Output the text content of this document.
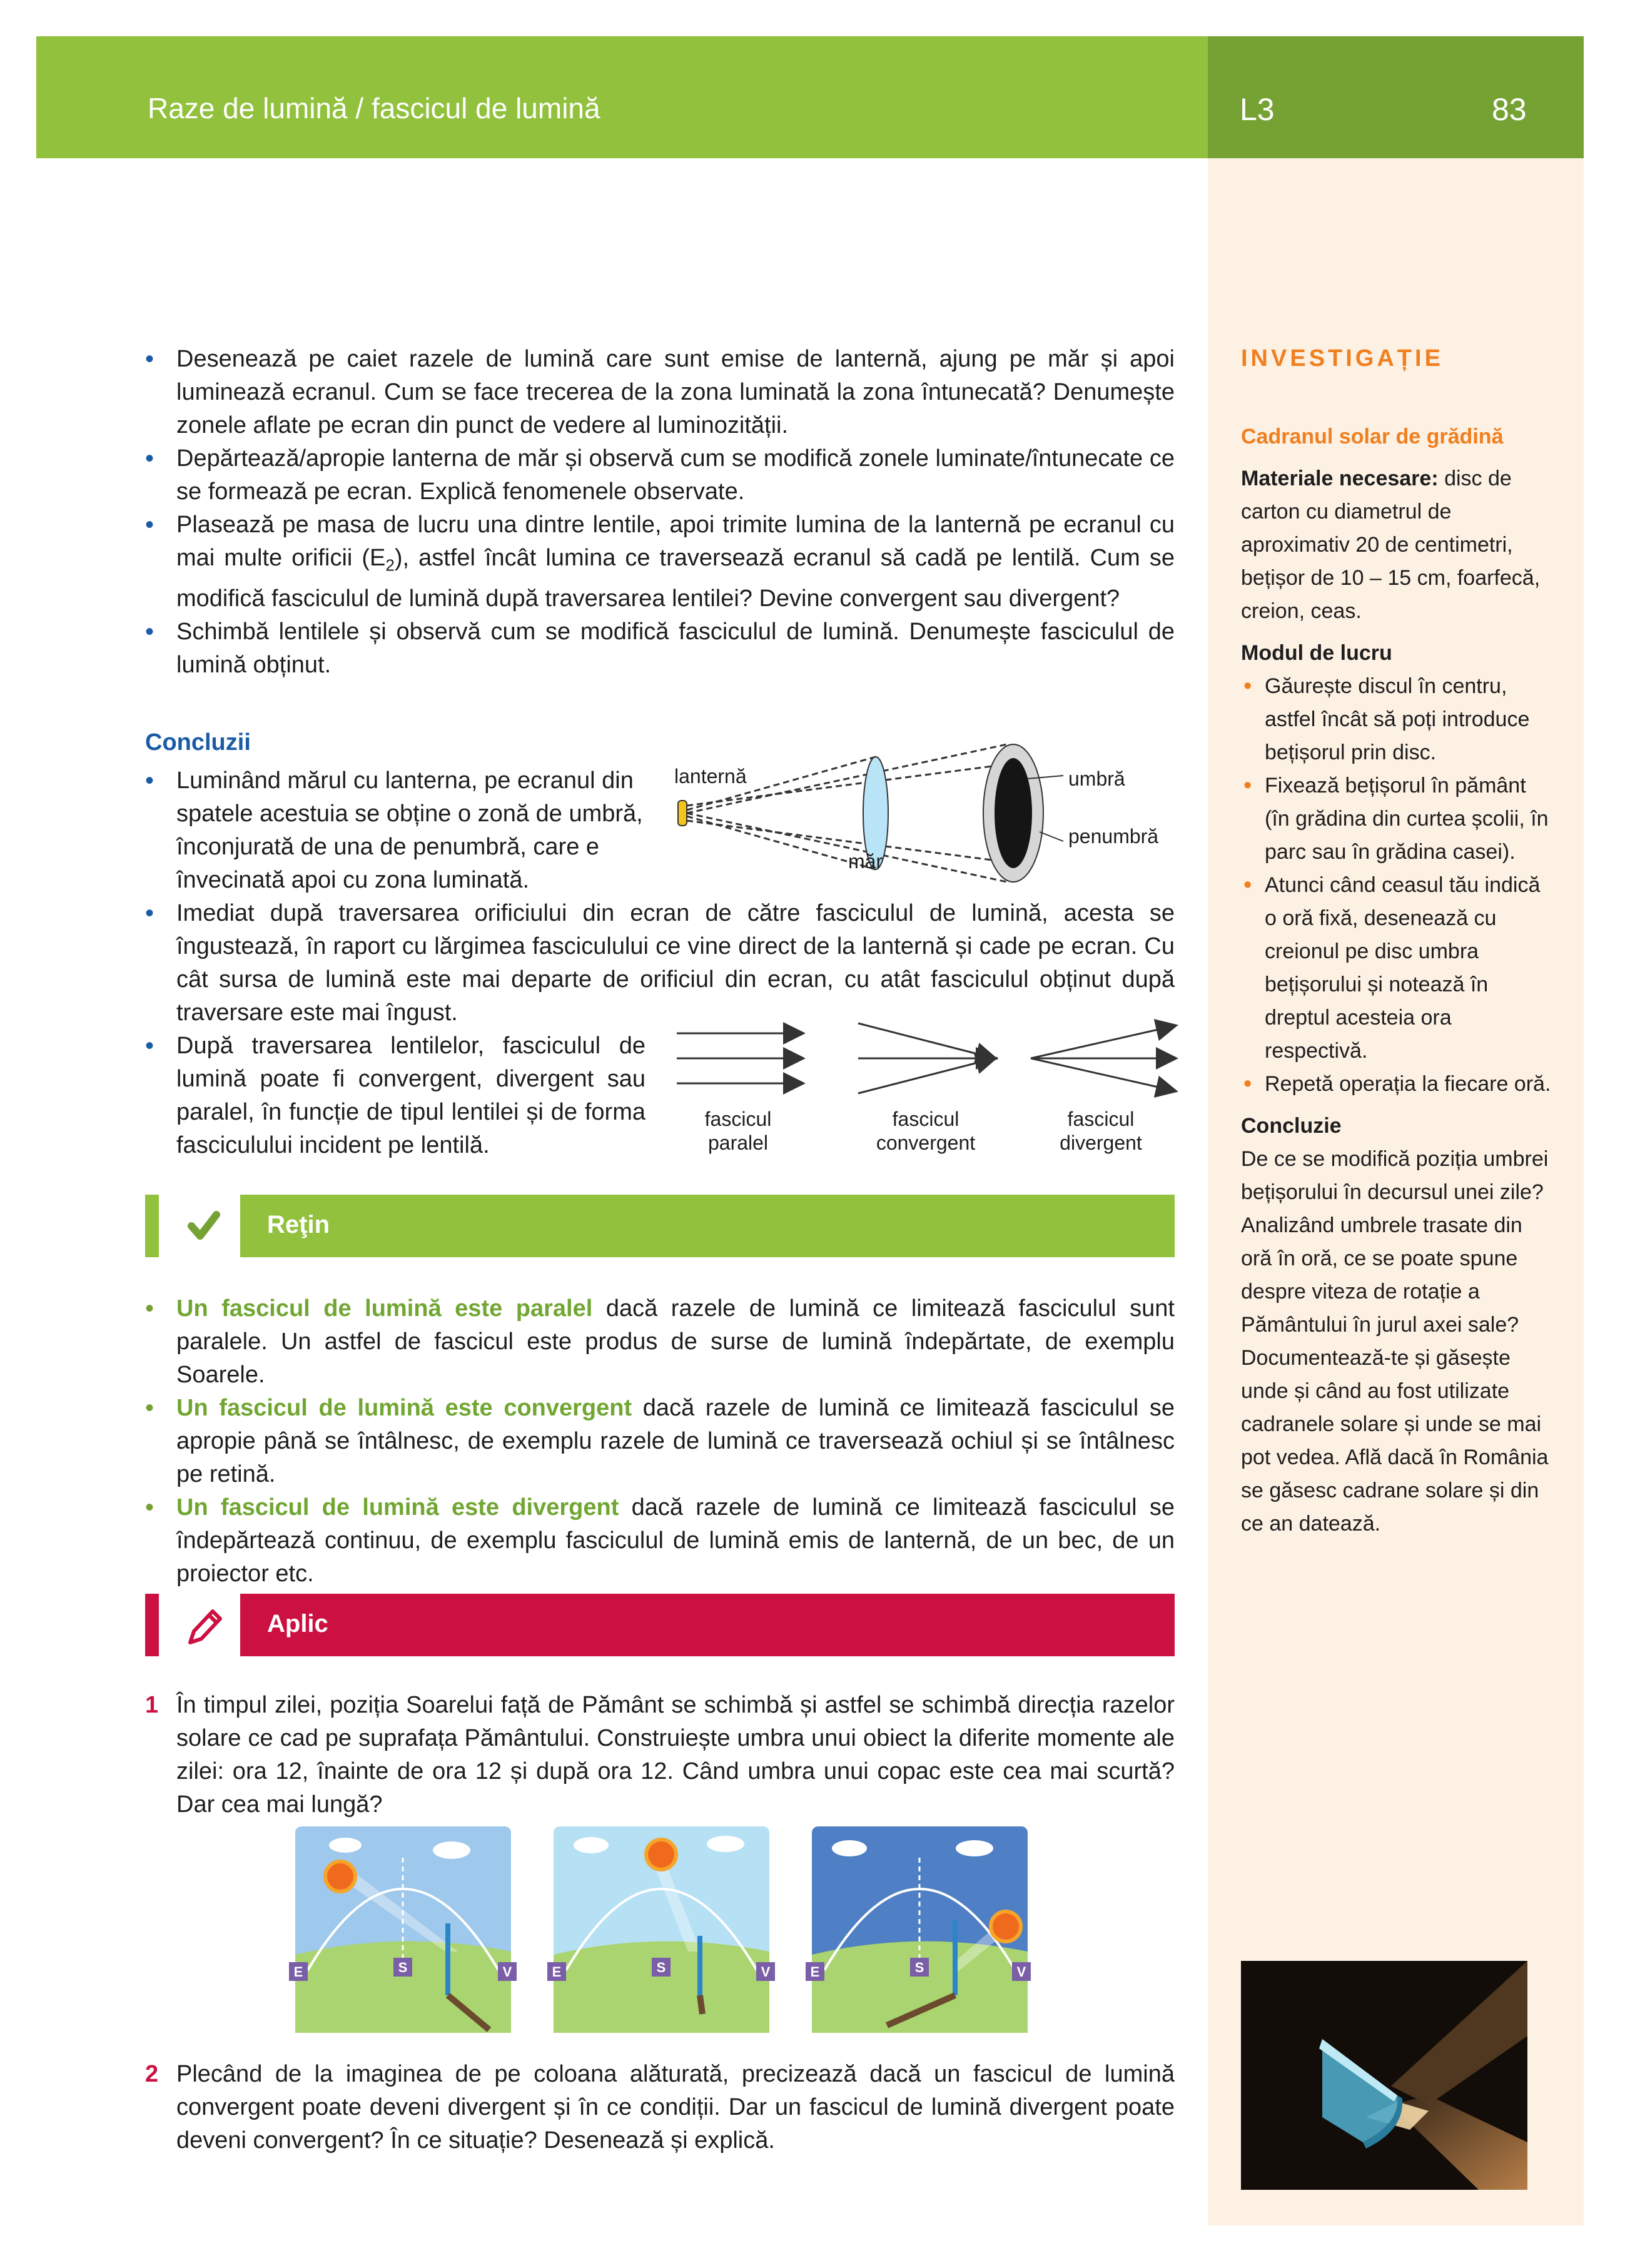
Raze de lumină / fascicul de lumină	L3	83
INVESTIGAȚIE
Cadranul solar de grădină
Materiale necesare: disc de carton cu diametrul de aproximativ 20 de centimetri, bețișor de 10 – 15 cm, foarfecă, creion, ceas.
Modul de lucru
• Găurește discul în centru, astfel încât să poți introduce bețișorul prin disc.
• Fixează bețișorul în pământ (în grădina din curtea școlii, în parc sau în grădina casei).
• Atunci când ceasul tău indică o oră fixă, desenează cu creionul pe disc umbra bețișorului și notează în dreptul acesteia ora respectivă.
• Repetă operația la fiecare oră.
Concluzie
De ce se modifică poziția umbrei bețișorului în decursul unei zile? Analizând umbrele trasate din oră în oră, ce se poate spune despre viteza de rotație a Pământului în jurul axei sale? Documentează-te și găsește unde și când au fost utilizate cadranele solare și unde se mai pot vedea. Află dacă în România se găsesc cadrane solare și din ce an datează.
• Desenează pe caiet razele de lumină care sunt emise de lanternă, ajung pe măr și apoi luminează ecranul. Cum se face trecerea de la zona luminată la zona întunecată? Denumește zonele aflate pe ecran din punct de vedere al luminozității.
• Depărtează/apropie lanterna de măr și observă cum se modifică zonele luminate/întunecate ce se formează pe ecran. Explică fenomenele observate.
• Plasează pe masa de lucru una dintre lentile, apoi trimite lumina de la lanternă pe ecranul cu mai multe orificii $(E_2)$, astfel încât lumina ce traversează ecranul să cadă pe lentilă. Cum se modifică fasciculul de lumină după traversarea lentilei? Devine convergent sau divergent?
• Schimbă lentilele și observă cum se modifică fasciculul de lumină. Denumește fasciculul de lumină obținut.
Concluzii
• Luminând mărul cu lanterna, pe ecranul din spatele acestuia se obține o zonă de umbră, înconjurată de una de penumbră, care e învecinată apoi cu zona luminată.
• Imediat după traversarea orificiului din ecran de către fasciculul de lumină, acesta se îngustează, în raport cu lărgimea fasciculului ce vine direct de la lanternă și cade pe ecran. Cu cât sursa de lumină este mai departe de orificiul din ecran, cu atât fasciculul obținut după traversare este mai îngust.
• După traversarea lentilelor, fasciculul de lumină poate fi convergent, divergent sau paralel, în funcție de tipul lentilei și de forma fasciculului incident pe lentilă.
lanternă
măr
umbră
penumbră
fascicul
paralel
fascicul
convergent
fascicul
divergent
Reţin
• Un fascicul de lumină este paralel dacă razele de lumină ce limitează fasciculul sunt paralele. Un astfel de fascicul este produs de surse de lumină îndepărtate, de exemplu Soarele.
• Un fascicul de lumină este convergent dacă razele de lumină ce limitează fasciculul se apropie până se întâlnesc, de exemplu razele de lumină ce traversează ochiul și se întâlnesc pe retină.
• Un fascicul de lumină este divergent dacă razele de lumină ce limitează fasciculul se îndepărtează continuu, de exemplu fasciculul de lumină emis de lanternă, de un bec, de un proiector etc.
Aplic
1 În timpul zilei, poziția Soarelui față de Pământ se schimbă și astfel se schimbă direcția razelor solare ce cad pe suprafața Pământului. Construiește umbra unui obiect la diferite momente ale zilei: ora 12, înainte de ora 12 și după ora 12. Când umbra unui copac este cea mai scurtă? Dar cea mai lungă?
E	S	V	E	S	V	E	S	V
2 Plecând de la imaginea de pe coloana alăturată, precizează dacă un fascicul de lumină convergent poate deveni divergent și în ce condiții. Dar un fascicul de lumină divergent poate deveni convergent? În ce situație? Desenează și explică.
